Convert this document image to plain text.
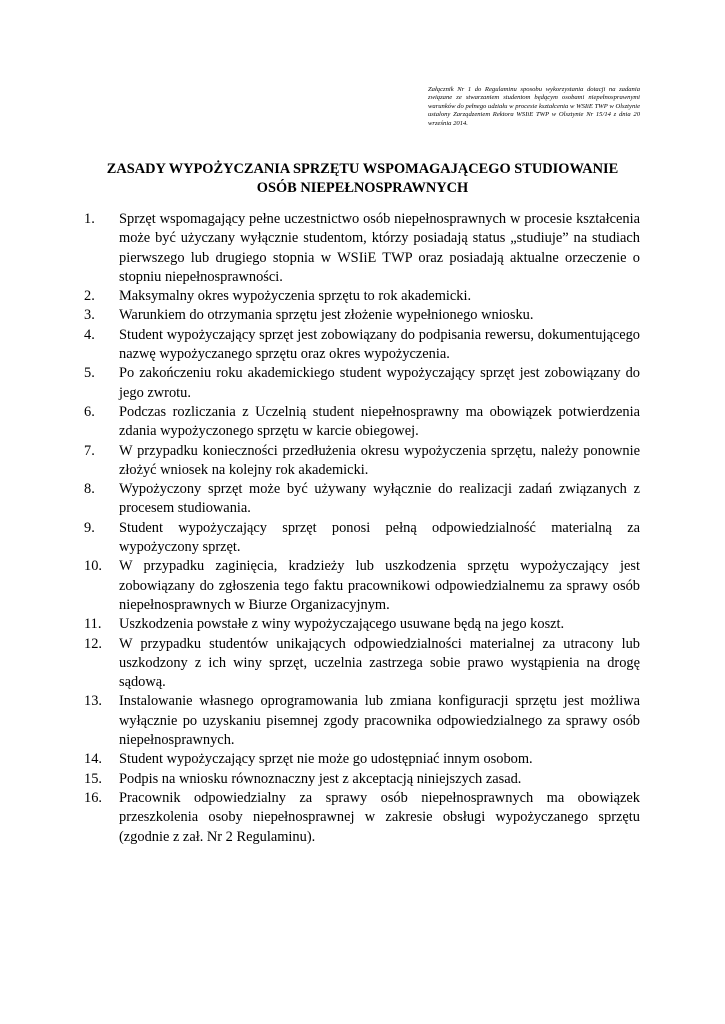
Załącznik Nr 1 do Regulaminu sposobu wykorzystania dotacji na zadania związane ze stwarzaniem studentom będącym osobami niepełnosprawnymi warunków do pełnego udziału w procesie kształcenia w WSIiE TWP w Olsztynie ustalony Zarządzeniem Rektora WSIiE TWP w Olsztynie Nr 15/14 z dnia 20 września 2014.

ZASADY WYPOŻYCZANIA SPRZĘTU WSPOMAGAJĄCEGO STUDIOWANIE
OSÓB NIEPEŁNOSPRAWNYCH
1.	Sprzęt wspomagający pełne uczestnictwo osób niepełnosprawnych w procesie kształcenia może być użyczany wyłącznie studentom, którzy posiadają status „studiuje” na studiach pierwszego lub drugiego stopnia w WSIiE TWP oraz posiadają aktualne orzeczenie o stopniu niepełnosprawności.
2.	Maksymalny okres wypożyczenia sprzętu to rok akademicki.
3.	Warunkiem do otrzymania sprzętu jest złożenie wypełnionego wniosku.
4.	Student wypożyczający sprzęt jest zobowiązany do podpisania rewersu, dokumentującego nazwę wypożyczanego sprzętu oraz okres wypożyczenia.
5.	Po zakończeniu roku akademickiego student wypożyczający sprzęt jest zobowiązany do jego zwrotu.
6.	Podczas rozliczania z Uczelnią student niepełnosprawny ma obowiązek potwierdzenia zdania wypożyczonego sprzętu w karcie obiegowej.
7.	W przypadku konieczności przedłużenia okresu wypożyczenia sprzętu, należy ponownie złożyć wniosek na kolejny rok akademicki.
8.	Wypożyczony sprzęt może być używany wyłącznie do realizacji zadań związanych z procesem studiowania.
9.	Student wypożyczający sprzęt ponosi pełną odpowiedzialność materialną za wypożyczony sprzęt.
10.	W przypadku zaginięcia, kradzieży lub uszkodzenia sprzętu wypożyczający jest zobowiązany do zgłoszenia tego faktu pracownikowi odpowiedzialnemu za sprawy osób niepełnosprawnych w Biurze Organizacyjnym.
11.	Uszkodzenia powstałe z winy wypożyczającego usuwane będą na jego koszt.
12.	W przypadku studentów unikających odpowiedzialności materialnej za utracony lub uszkodzony z ich winy sprzęt, uczelnia zastrzega sobie prawo wystąpienia na drogę sądową.
13.	Instalowanie własnego oprogramowania lub zmiana konfiguracji sprzętu jest możliwa wyłącznie po uzyskaniu pisemnej zgody pracownika odpowiedzialnego za sprawy osób niepełnosprawnych.
14.	Student wypożyczający sprzęt nie może go udostępniać innym osobom.
15.	Podpis na wniosku równoznaczny jest z akceptacją niniejszych zasad.
16.	Pracownik odpowiedzialny za sprawy osób niepełnosprawnych ma obowiązek przeszkolenia osoby niepełnosprawnej w zakresie obsługi wypożyczanego sprzętu (zgodnie z zał. Nr 2 Regulaminu).
